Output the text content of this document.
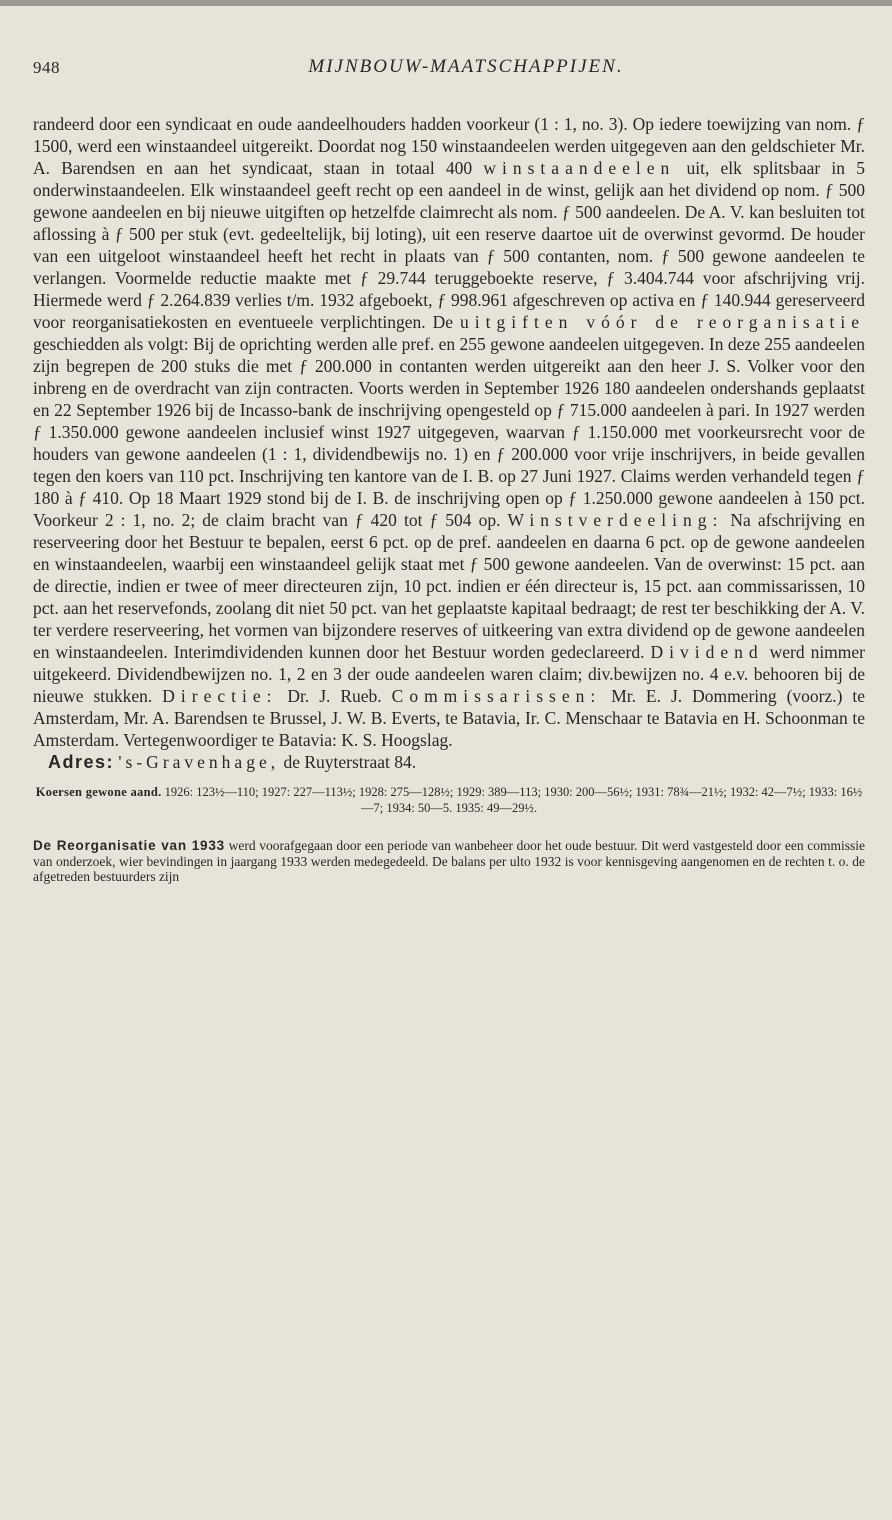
948	MIJNBOUW-MAATSCHAPPIJEN.

randeerd door een syndicaat en oude aandeelhouders hadden voorkeur (1 : 1, no. 3). Op iedere toewijzing van nom. ƒ 1500, werd een winstaandeel uitgereikt. Doordat nog 150 winstaandeelen werden uitgegeven aan den geldschieter Mr. A. Barendsen en aan het syndicaat, staan in totaal 400 winstaandeelen uit, elk splitsbaar in 5 onderwinstaandeelen. Elk winstaandeel geeft recht op een aandeel in de winst, gelijk aan het dividend op nom. ƒ 500 gewone aandeelen en bij nieuwe uitgiften op hetzelfde claimrecht als nom. ƒ 500 aandeelen. De A. V. kan besluiten tot aflossing à ƒ 500 per stuk (evt. gedeeltelijk, bij loting), uit een reserve daartoe uit de overwinst gevormd. De houder van een uitgeloot winstaandeel heeft het recht in plaats van ƒ 500 contanten, nom. ƒ 500 gewone aandeelen te verlangen. Voormelde reductie maakte met ƒ 29.744 teruggeboekte reserve, ƒ 3.404.744 voor afschrijving vrij. Hiermede werd ƒ 2.264.839 verlies t/m. 1932 afgeboekt, ƒ 998.961 afgeschreven op activa en ƒ 140.944 gereserveerd voor reorganisatiekosten en eventueele verplichtingen. De uitgiften vóór de reorganisatie geschiedden als volgt: Bij de oprichting werden alle pref. en 255 gewone aandeelen uitgegeven. In deze 255 aandeelen zijn begrepen de 200 stuks die met ƒ 200.000 in contanten werden uitgereikt aan den heer J. S. Volker voor den inbreng en de overdracht van zijn contracten. Voorts werden in September 1926 180 aandeelen ondershands geplaatst en 22 September 1926 bij de Incasso-bank de inschrijving opengesteld op ƒ 715.000 aandeelen à pari. In 1927 werden ƒ 1.350.000 gewone aandeelen inclusief winst 1927 uitgegeven, waarvan ƒ 1.150.000 met voorkeursrecht voor de houders van gewone aandeelen (1 : 1, dividendbewijs no. 1) en ƒ 200.000 voor vrije inschrijvers, in beide gevallen tegen den koers van 110 pct. Inschrijving ten kantore van de I. B. op 27 Juni 1927. Claims werden verhandeld tegen ƒ 180 à ƒ 410. Op 18 Maart 1929 stond bij de I. B. de inschrijving open op ƒ 1.250.000 gewone aandeelen à 150 pct. Voorkeur 2 : 1, no. 2; de claim bracht van ƒ 420 tot ƒ 504 op. Winstverdeeling: Na afschrijving en reserveering door het Bestuur te bepalen, eerst 6 pct. op de pref. aandeelen en daarna 6 pct. op de gewone aandeelen en winstaandeelen, waarbij een winstaandeel gelijk staat met ƒ 500 gewone aandeelen. Van de overwinst: 15 pct. aan de directie, indien er twee of meer directeuren zijn, 10 pct. indien er één directeur is, 15 pct. aan commissarissen, 10 pct. aan het reservefonds, zoolang dit niet 50 pct. van het geplaatste kapitaal bedraagt; de rest ter beschikking der A. V. ter verdere reserveering, het vormen van bijzondere reserves of uitkeering van extra dividend op de gewone aandeelen en winstaandeelen. Interimdividenden kunnen door het Bestuur worden gedeclareerd. Dividend werd nimmer uitgekeerd. Dividendbewijzen no. 1, 2 en 3 der oude aandeelen waren claim; div.bewijzen no. 4 e.v. behooren bij de nieuwe stukken. Directie: Dr. J. Rueb. Commissarissen: Mr. E. J. Dommering (voorz.) te Amsterdam, Mr. A. Barendsen te Brussel, J. W. B. Everts, te Batavia, Ir. C. Menschaar te Batavia en H. Schoonman te Amsterdam. Vertegenwoordiger te Batavia: K. S. Hoogslag.

Adres: 's-Gravenhage, de Ruyterstraat 84.

Koersen gewone aand. 1926: 123½—110; 1927: 227—113½; 1928: 275—128½; 1929: 389—113; 1930: 200—56½; 1931: 78¾—21½; 1932: 42—7½; 1933: 16½—7; 1934: 50—5. 1935: 49—29½.
De Reorganisatie van 1933 werd voorafgegaan door een periode van wanbeheer door het oude bestuur. Dit werd vastgesteld door een commissie van onderzoek, wier bevindingen in jaargang 1933 werden medegedeeld. De balans per ulto 1932 is voor kennisgeving aangenomen en de rechten t. o. de afgetreden bestuurders zijn
